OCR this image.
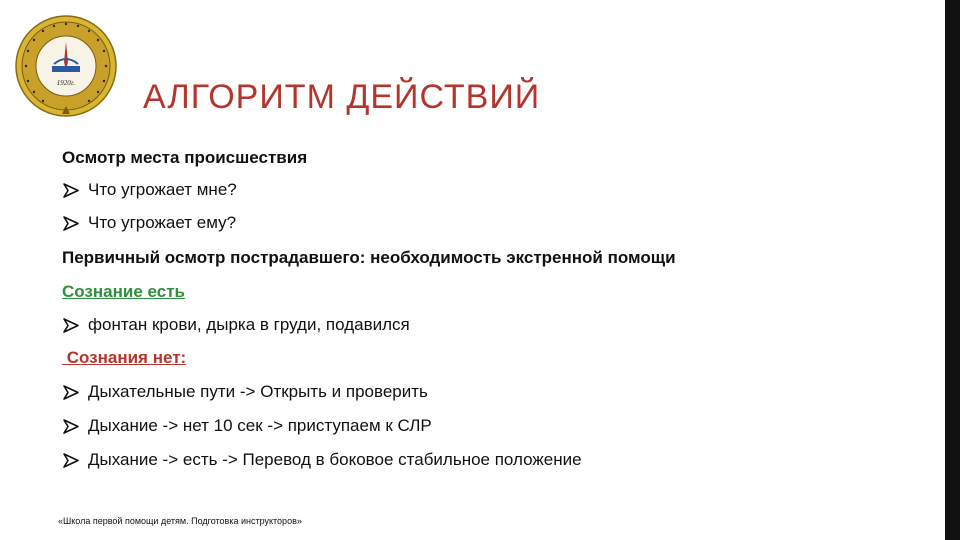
1920г. АЛГОРИТМ ДЕЙСТВИЙ
Осмотр места происшествия
Что угрожает мне?
Что угрожает ему?
Первичный осмотр пострадавшего: необходимость экстренной помощи
Сознание есть
фонтан крови, дырка в груди, подавился
Сознания нет:
Дыхательные пути -> Открыть и проверить
Дыхание -> нет 10 сек -> приступаем к СЛР
Дыхание -> есть -> Перевод в боковое стабильное положение
«Школа первой помощи детям. Подготовка инструкторов»
